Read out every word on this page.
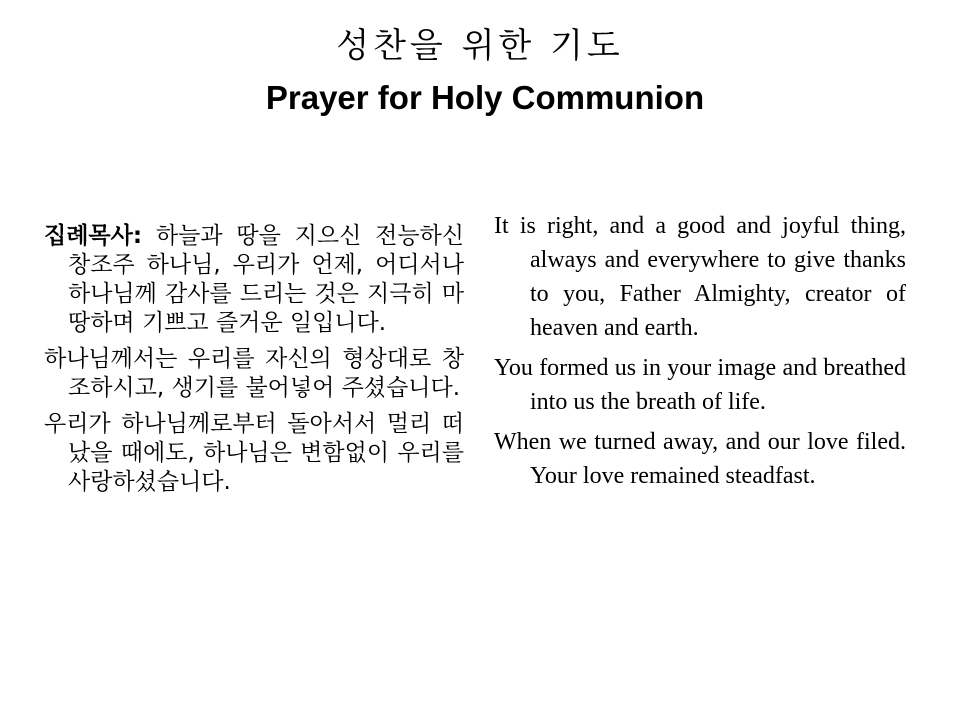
성찬을 위한 기도
Prayer for Holy Communion

집례목사: 하늘과 땅을 지으신 전능하신 창조주 하나님, 우리가 언제, 어디서나 하나님께 감사를 드리는 것은 지극히 마땅하며 기쁘고 즐거운 일입니다.

하나님께서는 우리를 자신의 형상대로 창조하시고, 생기를 불어넣어 주셨습니다.

우리가 하나님께로부터 돌아서서 멀리 떠났을 때에도, 하나님은 변함없이 우리를 사랑하셨습니다.

It is right, and a good and joyful thing, always and everywhere to give thanks to you, Father Almighty, creator of heaven and earth.

You formed us in your image and breathed into us the breath of life.

When we turned away, and our love filed. Your love remained steadfast.
